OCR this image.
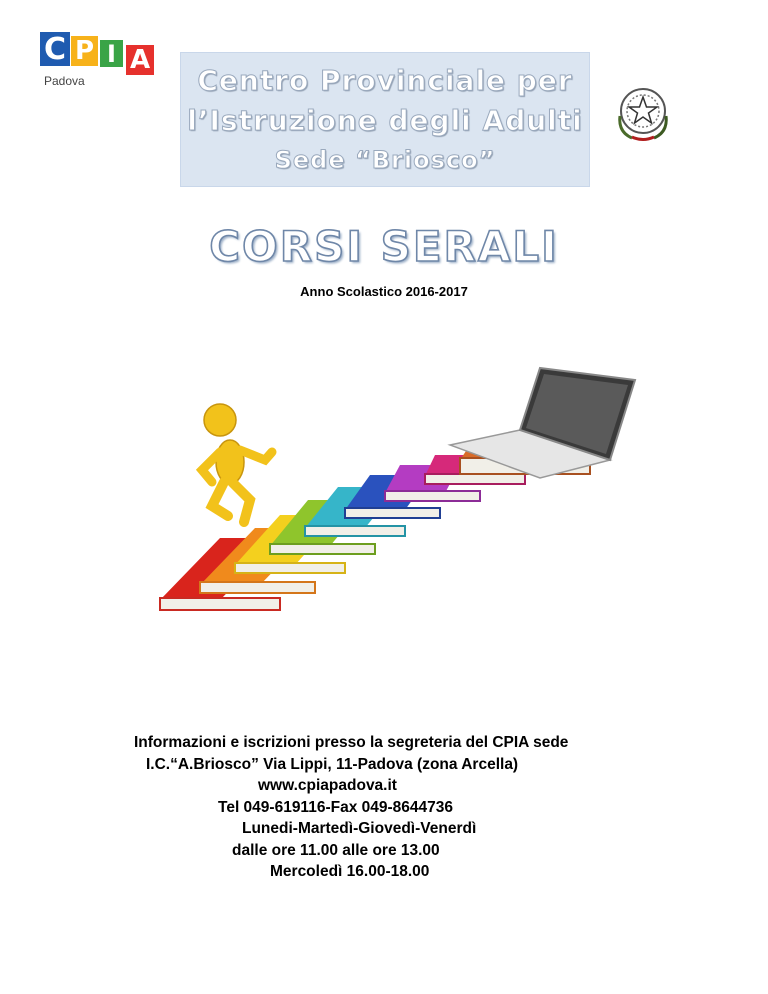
C P I A
Padova	Centro Provinciale per
l’Istruzione degli Adulti
Sede “Briosco”
CORSI SERALI
Anno Scolastico 2016-2017
Informazioni e iscrizioni presso la segreteria del CPIA sede
I.C.“A.Briosco” Via Lippi, 11-Padova (zona Arcella)
www.cpiapadova.it
Tel 049-619116-Fax 049-8644736
Lunedi-Martedì-Giovedì-Venerdì
dalle ore 11.00 alle ore 13.00
Mercoledì 16.00-18.00
